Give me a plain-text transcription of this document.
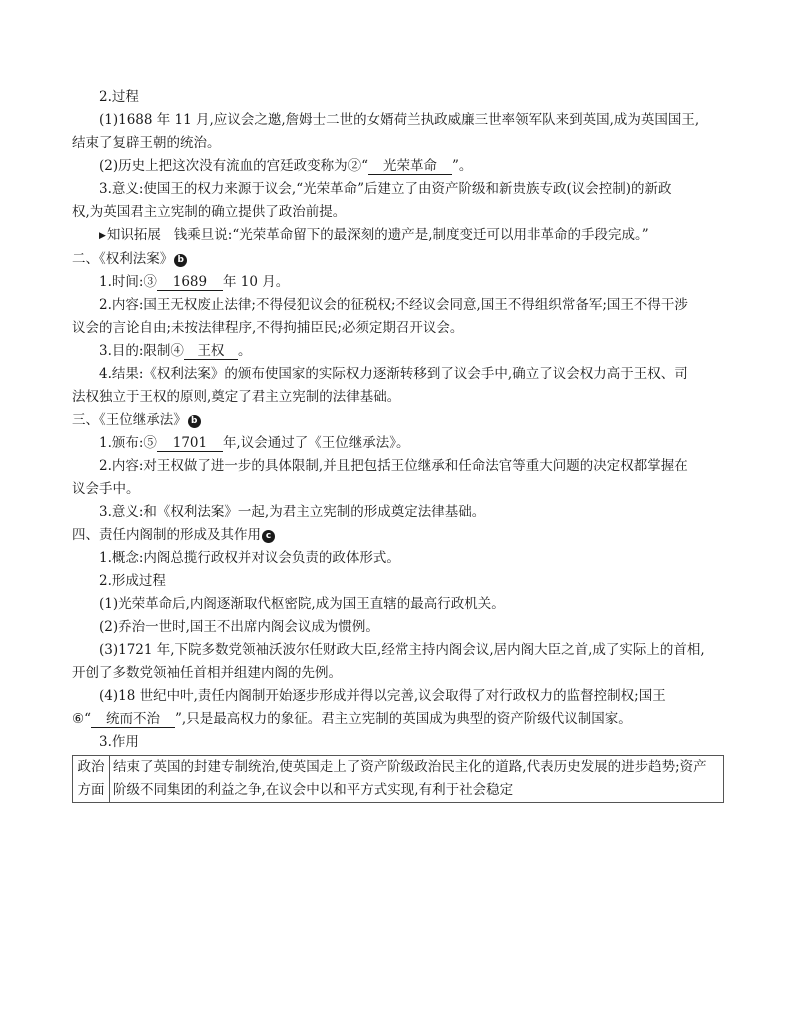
2.过程
(1)1688 年 11 月,应议会之邀,詹姆士二世的女婿荷兰执政威廉三世率领军队来到英国,成为英国国王,
结束了复辟王朝的统治。
(2)历史上把这次没有流血的宫廷政变称为②“ 光荣革命 ”。
3.意义:使国王的权力来源于议会,“光荣革命”后建立了由资产阶级和新贵族专政(议会控制)的新政
权,为英国君主立宪制的确立提供了政治前提。
▶知识拓展 钱乘旦说:“光荣革命留下的最深刻的遗产是,制度变迁可以用非革命的手段完成。”
二、《权利法案》 b
1.时间:③ 1689 年 10 月。
2.内容:国王无权废止法律;不得侵犯议会的征税权;不经议会同意,国王不得组织常备军;国王不得干涉
议会的言论自由;未按法律程序,不得拘捕臣民;必须定期召开议会。
3.目的:限制④ 王权 。
4.结果:《权利法案》的颁布使国家的实际权力逐渐转移到了议会手中,确立了议会权力高于王权、司
法权独立于王权的原则,奠定了君主立宪制的法律基础。
三、《王位继承法》 b
1.颁布:⑤ 1701 年,议会通过了《王位继承法》。
2.内容:对王权做了进一步的具体限制,并且把包括王位继承和任命法官等重大问题的决定权都掌握在
议会手中。
3.意义:和《权利法案》一起,为君主立宪制的形成奠定法律基础。
四、责任内阁制的形成及其作用 c
1.概念:内阁总揽行政权并对议会负责的政体形式。
2.形成过程
(1)光荣革命后,内阁逐渐取代枢密院,成为国王直辖的最高行政机关。
(2)乔治一世时,国王不出席内阁会议成为惯例。
(3)1721 年,下院多数党领袖沃波尔任财政大臣,经常主持内阁会议,居内阁大臣之首,成了实际上的首相,
开创了多数党领袖任首相并组建内阁的先例。
(4)18 世纪中叶,责任内阁制开始逐步形成并得以完善,议会取得了对行政权力的监督控制权;国王
⑥“ 统而不治 ”,只是最高权力的象征。君主立宪制的英国成为典型的资产阶级代议制国家。
3.作用
政治方面	结束了英国的封建专制统治,使英国走上了资产阶级政治民主化的道路,代表历史发展的进步趋势;资产阶级不同集团的利益之争,在议会中以和平方式实现,有利于社会稳定
